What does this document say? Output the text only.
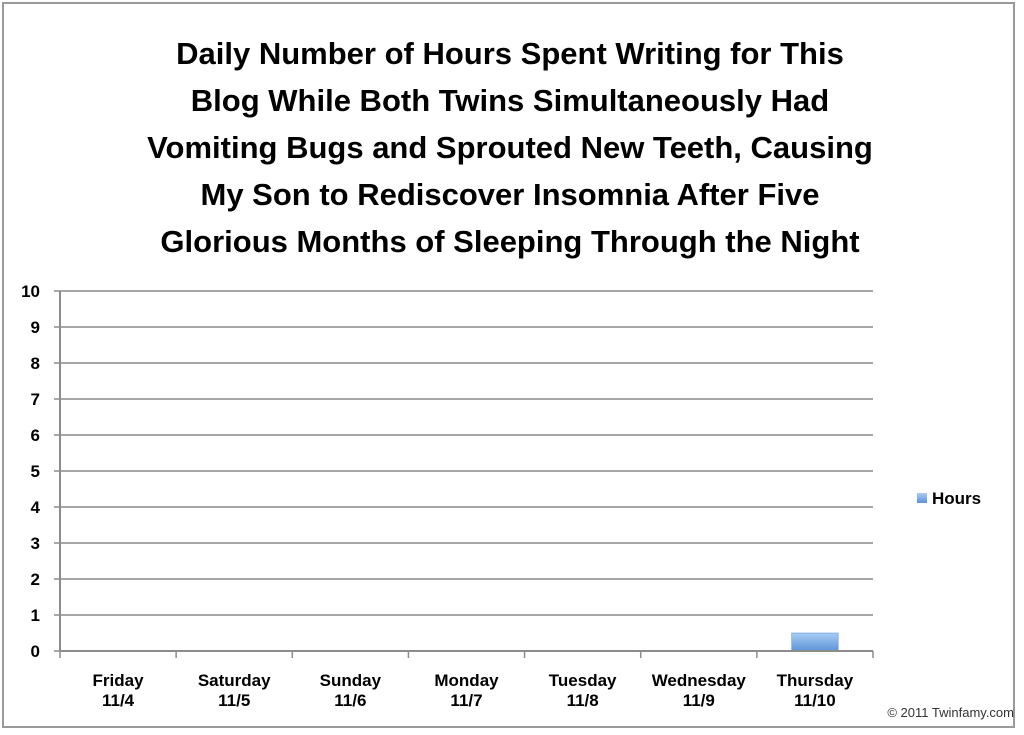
Daily Number of Hours Spent Writing for This
Blog While Both Twins Simultaneously Had
Vomiting Bugs and Sprouted New Teeth, Causing
My Son to Rediscover Insomnia After Five
Glorious Months of Sleeping Through the Night
0
1
2
3
4
5
6
7
8
9
10
Friday 11/4
Saturday 11/5
Sunday 11/6
Monday 11/7
Tuesday 11/8
Wednesday 11/9
Thursday 11/10
Hours
© 2011 Twinfamy.com
